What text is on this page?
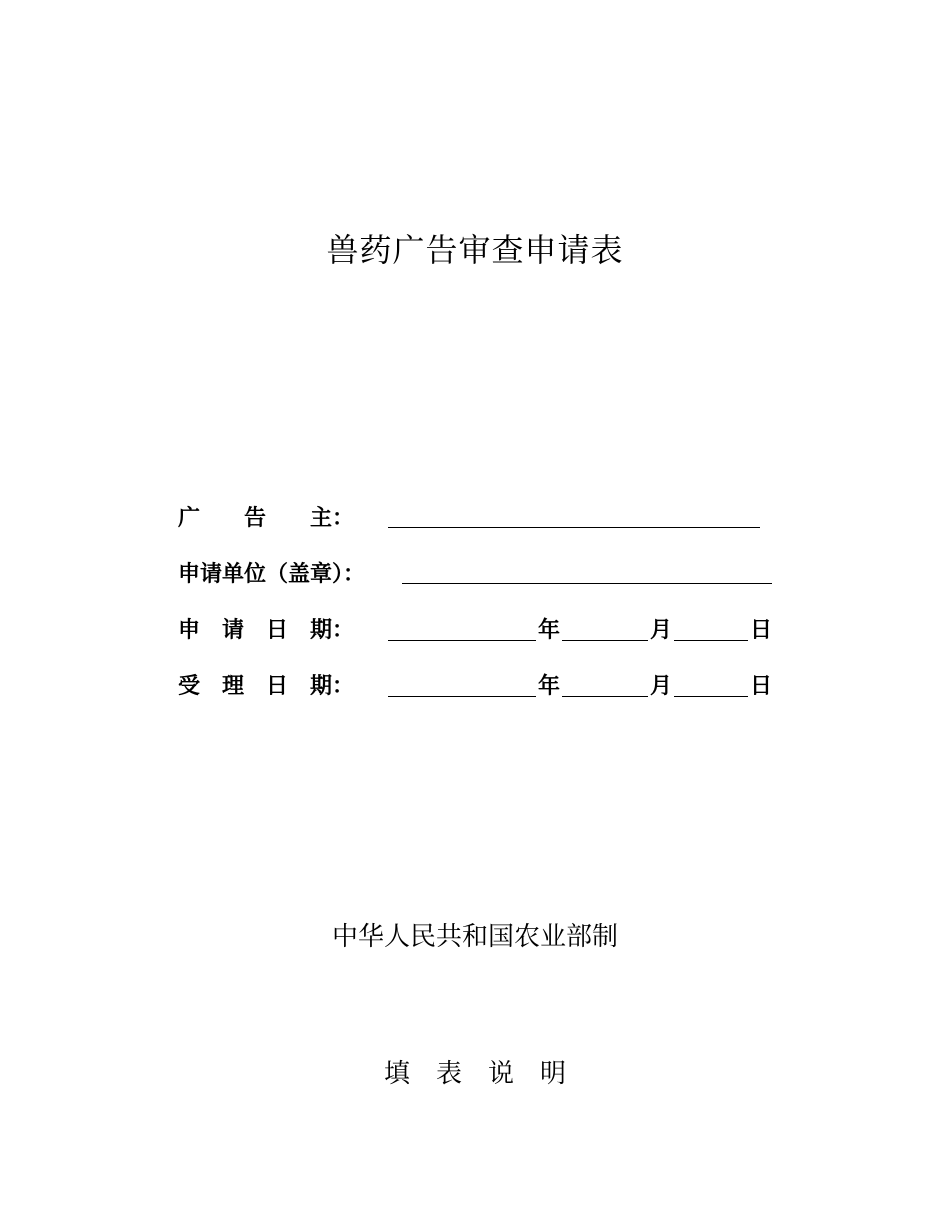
兽药广告审查申请表
广　　告　　主：
申请单位（盖章）：
申　请　日　期：	年	月	日
受　理　日　期：	年	月	日
中华人民共和国农业部制
填表说明
